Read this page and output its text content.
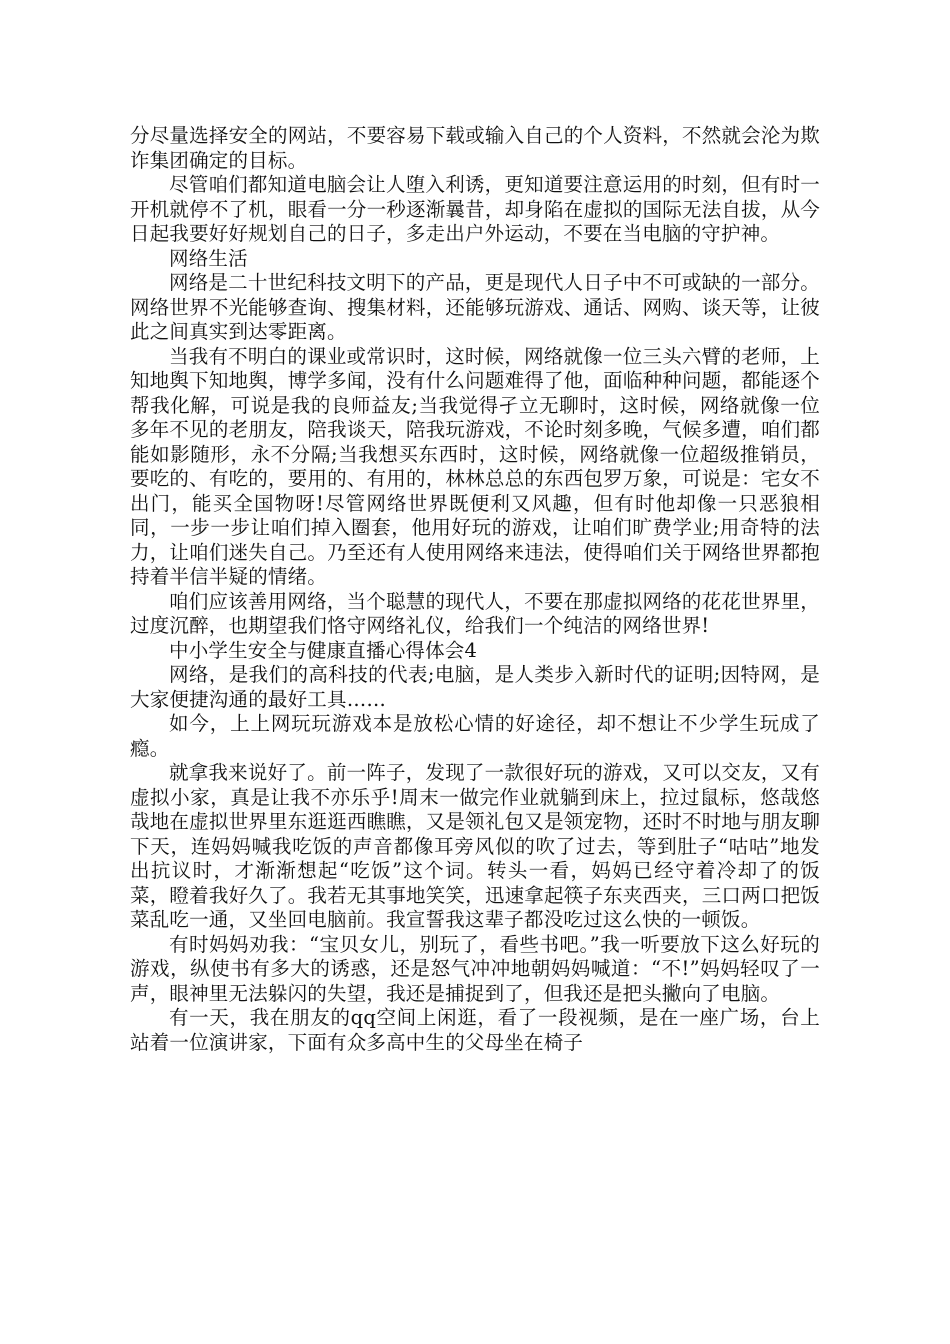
分尽量选择安全的网站，不要容易下载或输入自己的个人资料，不然就会沦为欺诈集团确定的目标。

尽管咱们都知道电脑会让人堕入利诱，更知道要注意运用的时刻，但有时一开机就停不了机，眼看一分一秒逐渐曩昔，却身陷在虚拟的国际无法自拔，从今日起我要好好规划自己的日子，多走出户外运动，不要在当电脑的守护神。

网络生活

网络是二十世纪科技文明下的产品，更是现代人日子中不可或缺的一部分。网络世界不光能够查询、搜集材料，还能够玩游戏、通话、网购、谈天等，让彼此之间真实到达零距离。

当我有不明白的课业或常识时，这时候，网络就像一位三头六臂的老师，上知地舆下知地舆，博学多闻，没有什么问题难得了他，面临种种问题，都能逐个帮我化解，可说是我的良师益友;当我觉得孑立无聊时，这时候，网络就像一位多年不见的老朋友，陪我谈天，陪我玩游戏，不论时刻多晚，气候多遭，咱们都能如影随形，永不分隔;当我想买东西时，这时候，网络就像一位超级推销员，要吃的、有吃的，要用的、有用的，林林总总的东西包罗万象，可说是：宅女不出门，能买全国物呀!尽管网络世界既便利又风趣，但有时他却像一只恶狼相同，一步一步让咱们掉入圈套，他用好玩的游戏，让咱们旷费学业;用奇特的法力，让咱们迷失自己。乃至还有人使用网络来违法，使得咱们关于网络世界都抱持着半信半疑的情绪。

咱们应该善用网络，当个聪慧的现代人，不要在那虚拟网络的花花世界里，过度沉醉，也期望我们恪守网络礼仪，给我们一个纯洁的网络世界!

中小学生安全与健康直播心得体会4

网络，是我们的高科技的代表;电脑，是人类步入新时代的证明;因特网，是大家便捷沟通的最好工具……

如今，上上网玩玩游戏本是放松心情的好途径，却不想让不少学生玩成了瘾。

就拿我来说好了。前一阵子，发现了一款很好玩的游戏，又可以交友，又有虚拟小家，真是让我不亦乐乎!周末一做完作业就躺到床上，拉过鼠标，悠哉悠哉地在虚拟世界里东逛逛西瞧瞧，又是领礼包又是领宠物，还时不时地与朋友聊下天，连妈妈喊我吃饭的声音都像耳旁风似的吹了过去，等到肚子“咕咕”地发出抗议时，才渐渐想起“吃饭”这个词。转头一看，妈妈已经守着冷却了的饭菜，瞪着我好久了。我若无其事地笑笑，迅速拿起筷子东夹西夹，三口两口把饭菜乱吃一通，又坐回电脑前。我宣誓我这辈子都没吃过这么快的一顿饭。

有时妈妈劝我：“宝贝女儿，别玩了，看些书吧。”我一听要放下这么好玩的游戏，纵使书有多大的诱惑，还是怒气冲冲地朝妈妈喊道：“不!”妈妈轻叹了一声，眼神里无法躲闪的失望，我还是捕捉到了，但我还是把头撇向了电脑。

有一天，我在朋友的qq空间上闲逛，看了一段视频，是在一座广场，台上站着一位演讲家，下面有众多高中生的父母坐在椅子
